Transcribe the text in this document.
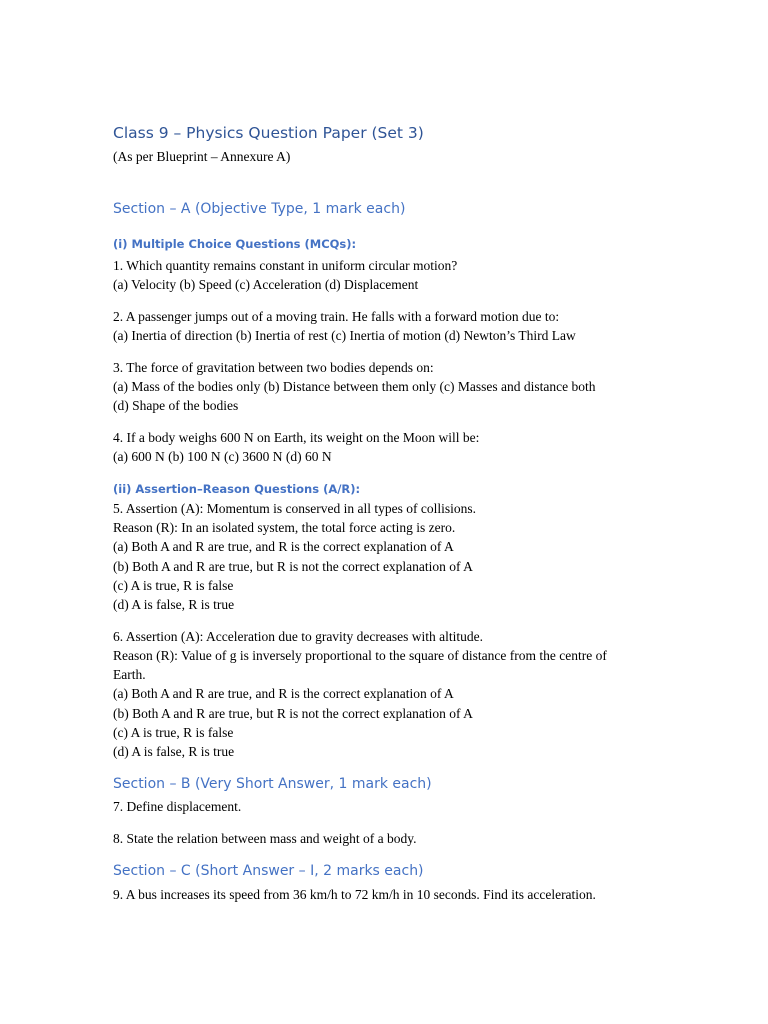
Class 9 – Physics Question Paper (Set 3)

(As per Blueprint – Annexure A)

Section – A (Objective Type, 1 mark each)
(i) Multiple Choice Questions (MCQs):

1. Which quantity remains constant in uniform circular motion?

(a) Velocity (b) Speed (c) Acceleration (d) Displacement

2. A passenger jumps out of a moving train. He falls with a forward motion due to:

(a) Inertia of direction (b) Inertia of rest (c) Inertia of motion (d) Newton’s Third Law

3. The force of gravitation between two bodies depends on:

(a) Mass of the bodies only (b) Distance between them only (c) Masses and distance both

(d) Shape of the bodies

4. If a body weighs 600 N on Earth, its weight on the Moon will be:

(a) 600 N (b) 100 N (c) 3600 N (d) 60 N

(ii) Assertion–Reason Questions (A/R):

5. Assertion (A): Momentum is conserved in all types of collisions.

Reason (R): In an isolated system, the total force acting is zero.

(a) Both A and R are true, and R is the correct explanation of A

(b) Both A and R are true, but R is not the correct explanation of A

(c) A is true, R is false

(d) A is false, R is true

6. Assertion (A): Acceleration due to gravity decreases with altitude.

Reason (R): Value of g is inversely proportional to the square of distance from the centre of

Earth.

(a) Both A and R are true, and R is the correct explanation of A

(b) Both A and R are true, but R is not the correct explanation of A

(c) A is true, R is false

(d) A is false, R is true

Section – B (Very Short Answer, 1 mark each)

7. Define displacement.

8. State the relation between mass and weight of a body.

Section – C (Short Answer – I, 2 marks each)

9. A bus increases its speed from 36 km/h to 72 km/h in 10 seconds. Find its acceleration.
